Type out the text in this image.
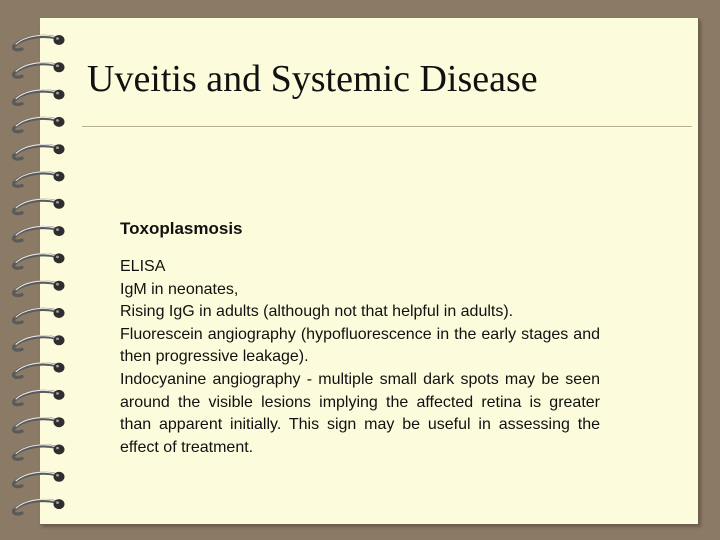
Uveitis and Systemic Disease
Toxoplasmosis
ELISA
IgM in neonates,
Rising IgG in adults (although not that helpful in adults).
Fluorescein angiography (hypofluorescence in the early stages and then progressive leakage).
Indocyanine angiography - multiple small dark spots may be seen around the visible lesions implying the affected retina is greater than apparent initially. This sign may be useful in assessing the effect of treatment.
